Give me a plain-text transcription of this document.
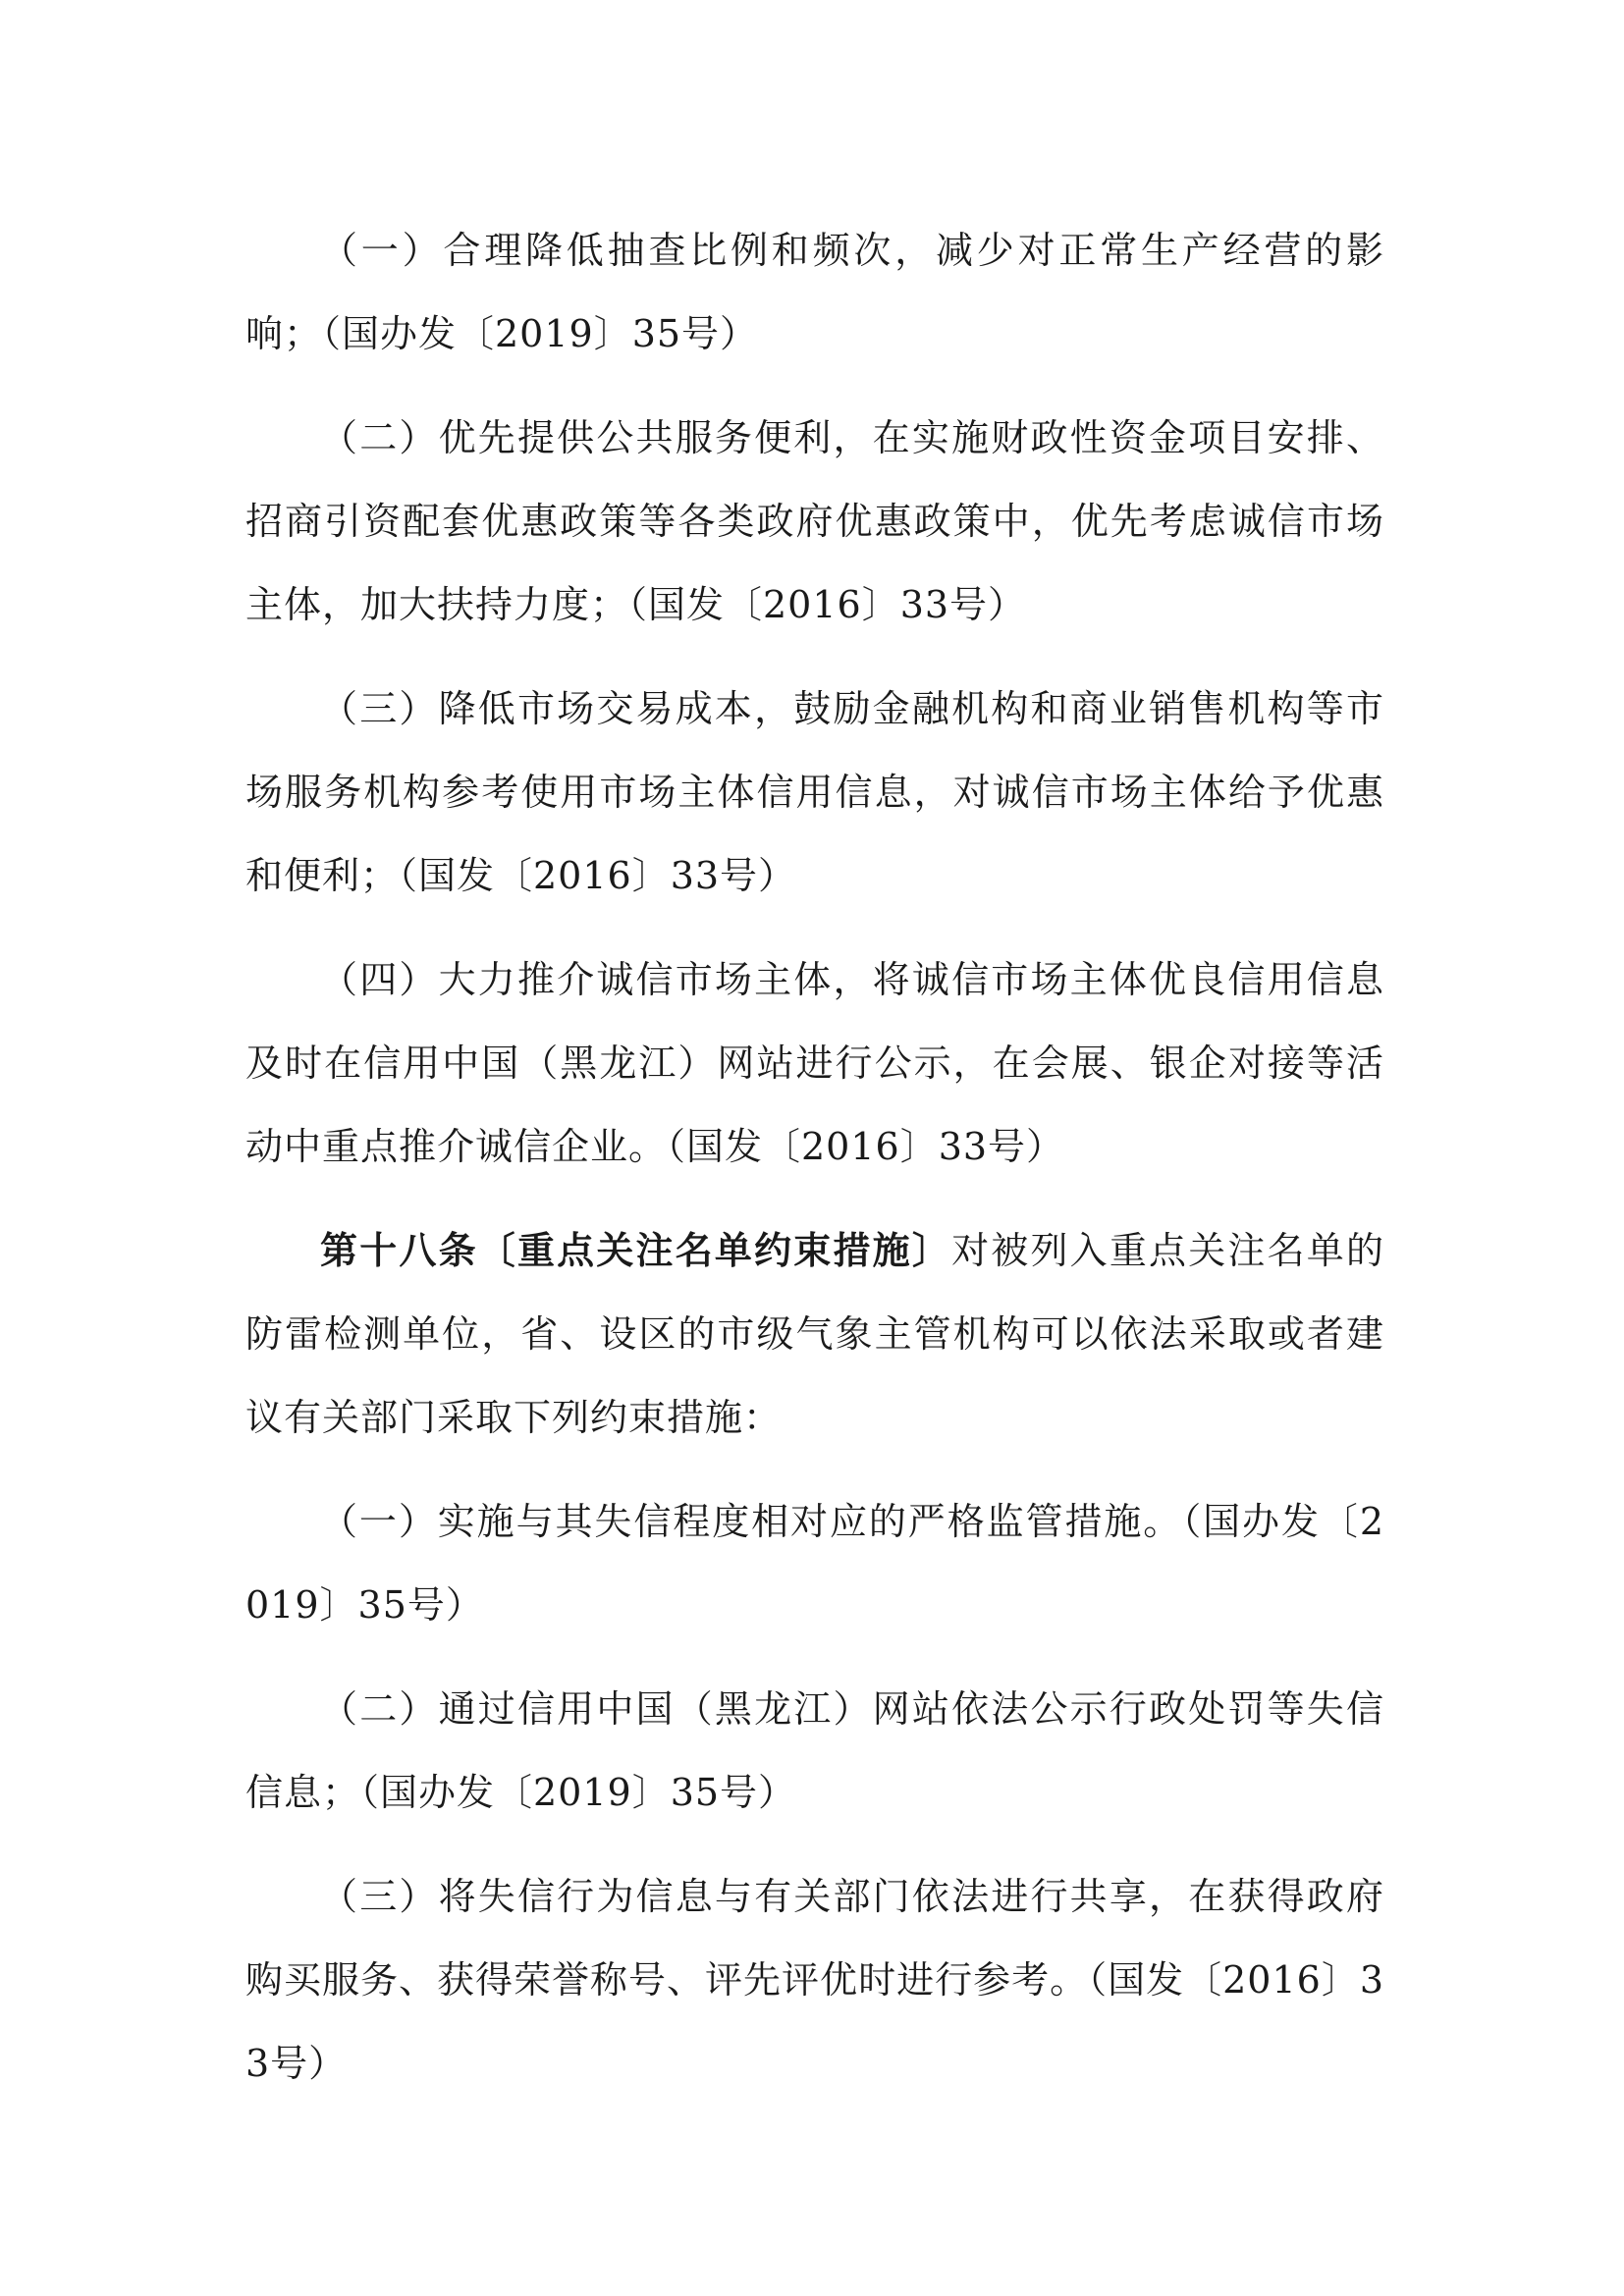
（一）合理降低抽查比例和频次，减少对正常生产经营的影响；（国办发〔2019〕35号）

（二）优先提供公共服务便利，在实施财政性资金项目安排、招商引资配套优惠政策等各类政府优惠政策中，优先考虑诚信市场主体，加大扶持力度；（国发〔2016〕33号）

（三）降低市场交易成本，鼓励金融机构和商业销售机构等市场服务机构参考使用市场主体信用信息，对诚信市场主体给予优惠和便利；（国发〔2016〕33号）

（四）大力推介诚信市场主体，将诚信市场主体优良信用信息及时在信用中国（黑龙江）网站进行公示，在会展、银企对接等活动中重点推介诚信企业。（国发〔2016〕33号）

第十八条〔重点关注名单约束措施〕对被列入重点关注名单的防雷检测单位，省、设区的市级气象主管机构可以依法采取或者建议有关部门采取下列约束措施：

（一）实施与其失信程度相对应的严格监管措施。（国办发〔2019〕35号）

（二）通过信用中国（黑龙江）网站依法公示行政处罚等失信信息；（国办发〔2019〕35号）

（三）将失信行为信息与有关部门依法进行共享，在获得政府购买服务、获得荣誉称号、评先评优时进行参考。（国发〔2016〕33号）
